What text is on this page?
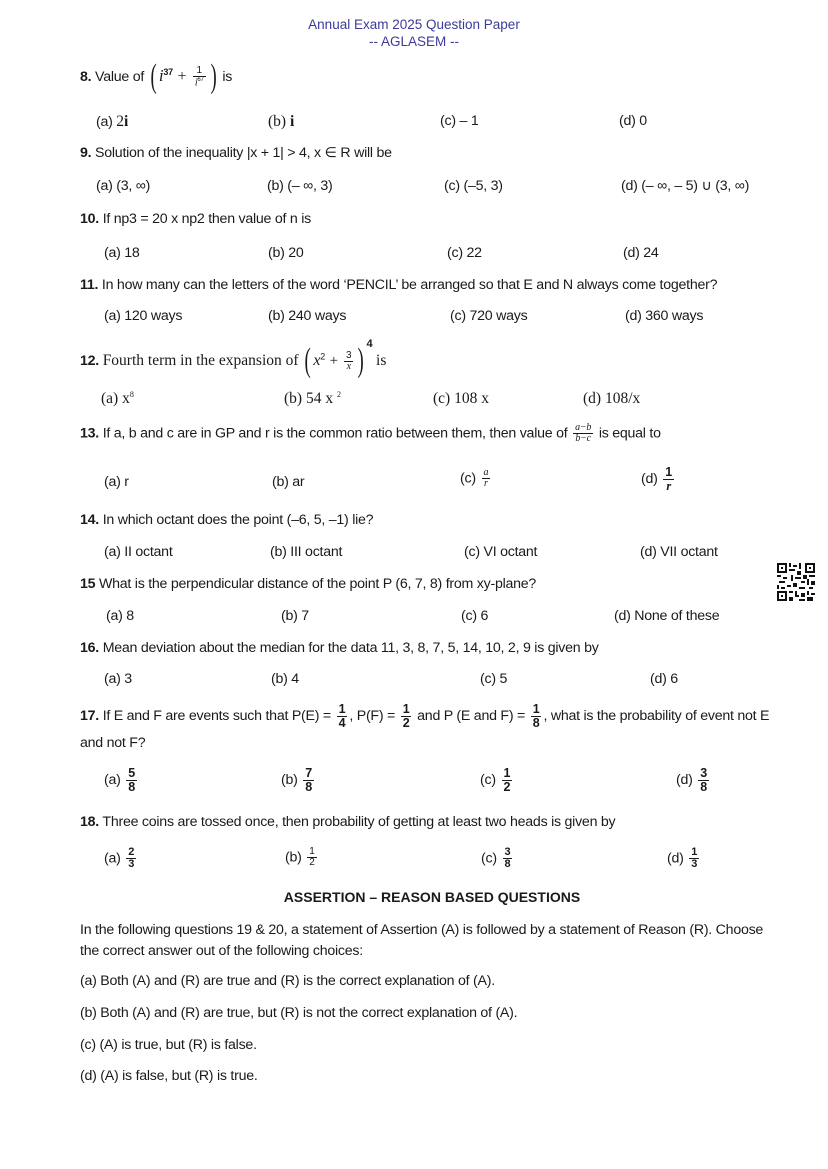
Annual Exam 2025 Question Paper
-- AGLASEM --
8. Value of ( $i^{37} + \frac{1}{i^{67}}$ ) is
(a) 2i	(b) i	(c) – 1	(d) 0
9. Solution of the inequality |x + 1| > 4, x ∈ R will be
(a) (3, ∞)	(b) (– ∞, 3)	(c) (–5, 3)	(d) (– ∞, – 5) ∪ (3, ∞)
10. If np3 = 20 x np2 then value of n is
(a) 18	(b) 20	(c) 22	(d) 24
11. In how many can the letters of the word ‘PENCIL’ be arranged so that E and N always come together?
(a) 120 ways	(b) 240 ways	(c) 720 ways	(d) 360 ways
12. Fourth term in the expansion of ( $x^2 + \frac{3}{x}$ ) $^4$ is
(a) $x^8$	(b) 54 x $^2$	(c) 108 x	(d) 108/x
13. If a, b and c are in GP and r is the common ratio between them, then value of $\frac{a-b}{b-c}$ is equal to
(a) r	(b) ar	$(c) \frac{a}{r}$	$(d) \frac{1}{r}$
14. In which octant does the point (–6, 5, –1) lie?
(a) II octant	(b) III octant	(c) VI octant	(d) VII octant
15 What is the perpendicular distance of the point P (6, 7, 8) from xy-plane?
(a) 8	(b) 7	(c) 6	(d) None of these
16. Mean deviation about the median for the data 11, 3, 8, 7, 5, 14, 10, 2, 9 is given by
(a) 3	(b) 4	(c) 5	(d) 6
17. If E and F are events such that $P(E) = \frac{1}{4}$ , $P(F) = \frac{1}{2}$ and P (E and $F) = \frac{1}{8}$ , what is the probability of event not E
and not F?
$(a) \frac{5}{8}$	$(b) \frac{7}{8}$	$(c) \frac{1}{2}$	$(d) \frac{3}{8}$
18. Three coins are tossed once, then probability of getting at least two heads is given by
$(a) \frac{2}{3}$	$(b) \frac{1}{2}$	$(c) \frac{3}{8}$	$(d) \frac{1}{3}$
ASSERTION – REASON BASED QUESTIONS
In the following questions 19 & 20, a statement of Assertion (A) is followed by a statement of Reason (R). Choose the correct answer out of the following choices:
(a) Both (A) and (R) are true and (R) is the correct explanation of (A).
(b) Both (A) and (R) are true, but (R) is not the correct explanation of (A).
(c) (A) is true, but (R) is false.
(d) (A) is false, but (R) is true.
